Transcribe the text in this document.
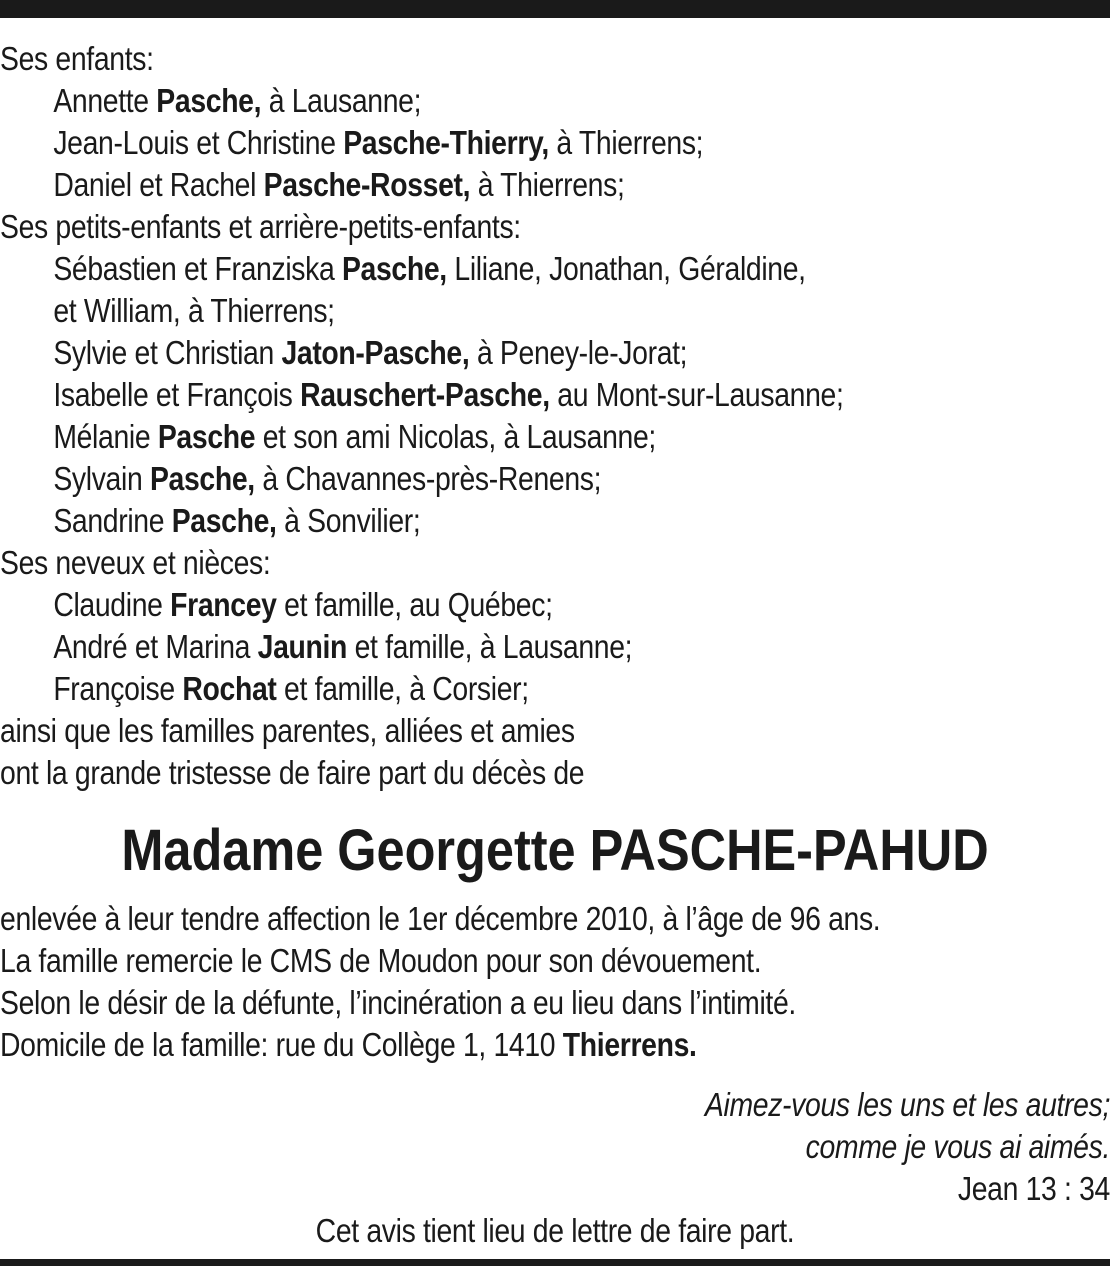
Ses enfants:
Annette Pasche, à Lausanne;
Jean-Louis et Christine Pasche-Thierry, à Thierrens;
Daniel et Rachel Pasche-Rosset, à Thierrens;
Ses petits-enfants et arrière-petits-enfants:
Sébastien et Franziska Pasche, Liliane, Jonathan, Géraldine,
et William, à Thierrens;
Sylvie et Christian Jaton-Pasche, à Peney-le-Jorat;
Isabelle et François Rauschert-Pasche, au Mont-sur-Lausanne;
Mélanie Pasche et son ami Nicolas, à Lausanne;
Sylvain Pasche, à Chavannes-près-Renens;
Sandrine Pasche, à Sonvilier;
Ses neveux et nièces:
Claudine Francey et famille, au Québec;
André et Marina Jaunin et famille, à Lausanne;
Françoise Rochat et famille, à Corsier;
ainsi que les familles parentes, alliées et amies
ont la grande tristesse de faire part du décès de
Madame Georgette PASCHE-PAHUD
enlevée à leur tendre affection le 1er décembre 2010, à l’âge de 96 ans.
La famille remercie le CMS de Moudon pour son dévouement.
Selon le désir de la défunte, l’incinération a eu lieu dans l’intimité.
Domicile de la famille: rue du Collège 1, 1410 Thierrens.
Aimez-vous les uns et les autres;
comme je vous ai aimés.
Jean 13 : 34
Cet avis tient lieu de lettre de faire part.
